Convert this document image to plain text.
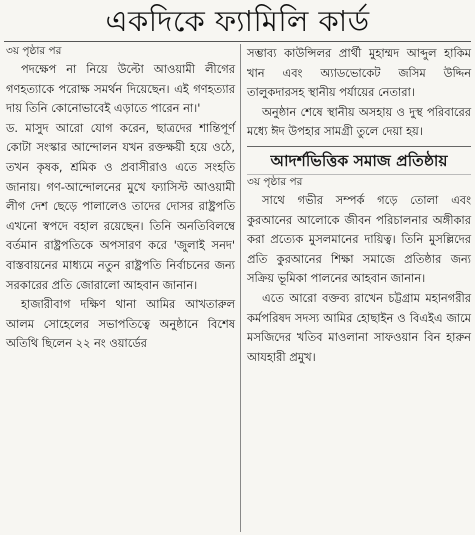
একদিকে ফ্যামিলি কার্ড
৩য় পৃষ্ঠার পর

পদক্ষেপ না নিয়ে উল্টো আওয়ামী লীগের গণহত্যাকে পরোক্ষ সমর্থন দিয়েছেন। এই গণহত্যার দায় তিনি কোনোভাবেই এড়াতে পারেন না।'

ড. মাসুদ আরো যোগ করেন, ছাত্রদের শান্তিপূর্ণ কোটা সংস্কার আন্দোলন যখন রক্তক্ষয়ী হয়ে ওঠে, তখন কৃষক, শ্রমিক ও প্রবাসীরাও এতে সংহতি জানায়। গণ-আন্দোলনের মুখে ফ্যাসিস্ট আওয়ামী লীগ দেশ ছেড়ে পালালেও তাদের দোসর রাষ্ট্রপতি এখনো স্বপদে বহাল রয়েছেন। তিনি অনতিবিলম্বে বর্তমান রাষ্ট্রপতিকে অপসারণ করে 'জুলাই সনদ' বাস্তবায়নের মাধ্যমে নতুন রাষ্ট্রপতি নির্বাচনের জন্য সরকারের প্রতি জোরালো আহবান জানান।

হাজারীবাগ দক্ষিণ থানা আমির আখতারুল আলম সোহেলের সভাপতিত্বে অনুষ্ঠানে বিশেষ অতিথি ছিলেন ২২ নং ওয়ার্ডের

সম্ভাব্য কাউন্সিলর প্রার্থী মুহাম্মদ আব্দুল হাকিম খান এবং অ্যাডভোকেট জসিম উদ্দিন তালুকদারসহ স্থানীয় পর্যায়ের নেতারা।

অনুষ্ঠান শেষে স্থানীয় অসহায় ও দুস্থ পরিবারের মধ্যে ঈদ উপহার সামগ্রী তুলে দেয়া হয়।

আদর্শভিত্তিক সমাজ প্রতিষ্ঠায়
৩য় পৃষ্ঠার পর

সাথে গভীর সম্পর্ক গড়ে তোলা এবং কুরআনের আলোকে জীবন পরিচালনার অঙ্গীকার করা প্রত্যেক মুসলমানের দায়িত্ব। তিনি মুসল্লিদের প্রতি কুরআনের শিক্ষা সমাজে প্রতিষ্ঠার জন্য সক্রিয় ভূমিকা পালনের আহবান জানান।

এতে আরো বক্তব্য রাখেন চট্টগ্রাম মহানগরীর কর্মপরিষদ সদস্য আমির হোছাইন ও বিএইএ জামে মসজিদের খতিব মাওলানা সাফওয়ান বিন হারুন আযহারী প্রমুখ।
